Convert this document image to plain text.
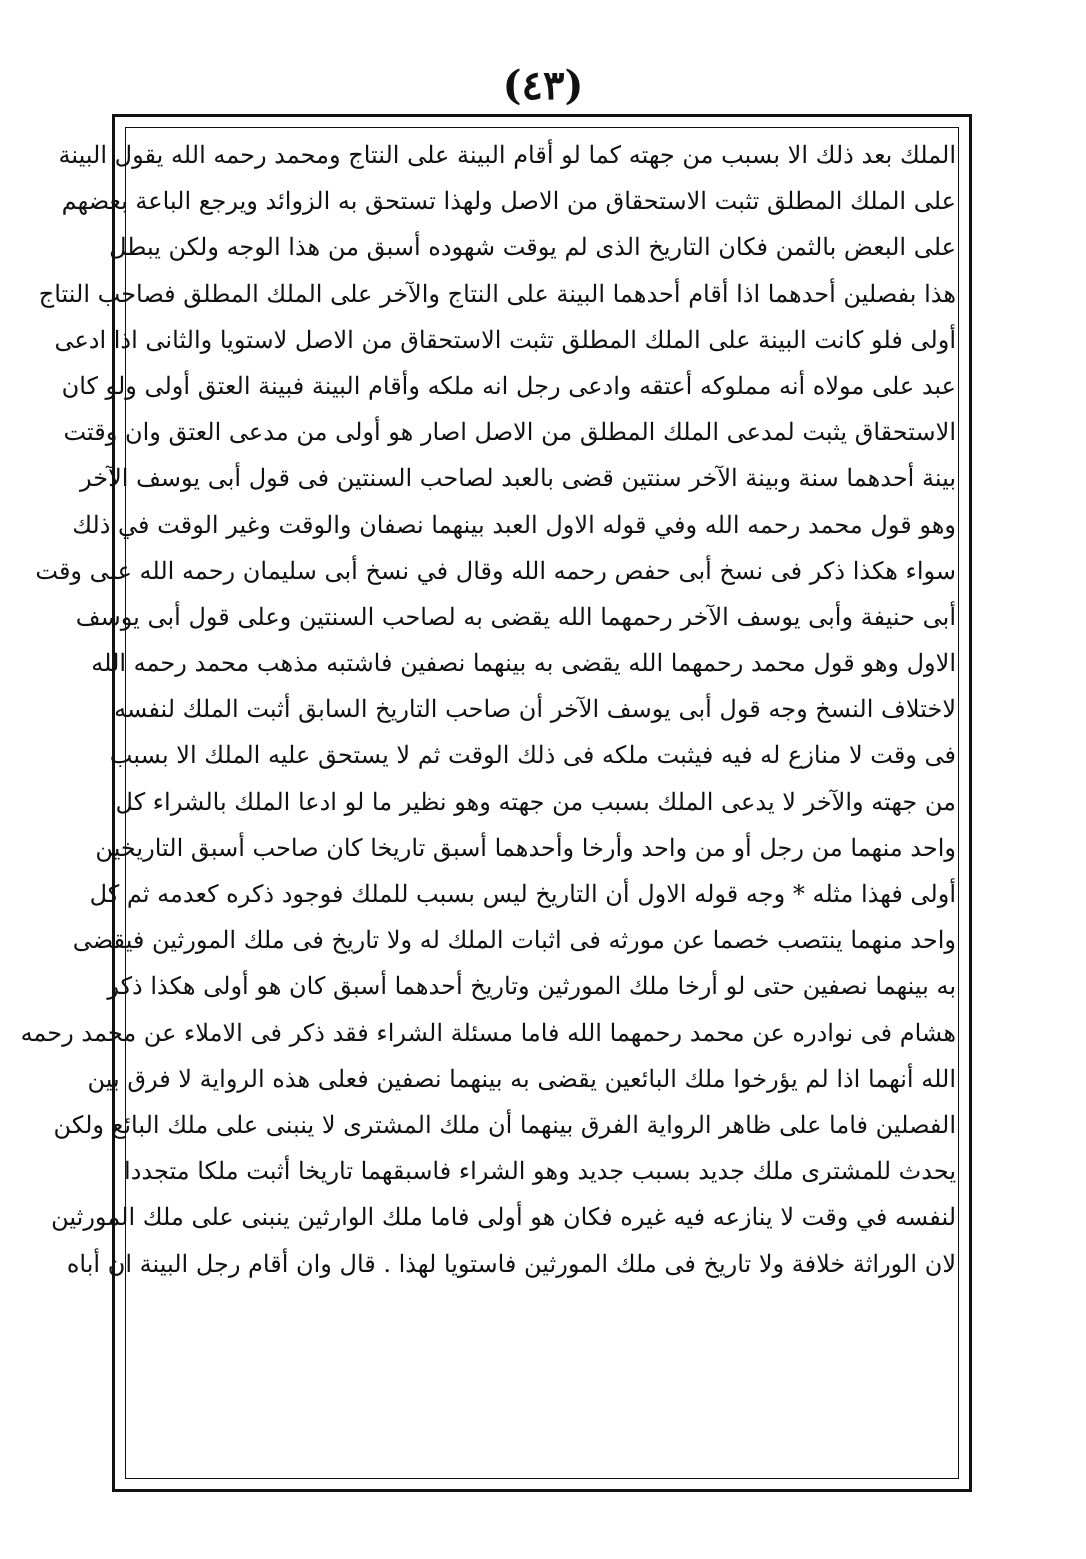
(٤٣)
الملك بعد ذلك الا بسبب من جهته كما لو أقام البينة على النتاج ومحمد رحمه الله يقول البينة
على الملك المطلق تثبت الاستحقاق من الاصل ولهذا تستحق به الزوائد ويرجع الباعة بعضهم
على البعض بالثمن فكان التاريخ الذى لم يوقت شهوده أسبق من هذا الوجه ولكن يبطل
هذا بفصلين أحدهما اذا أقام أحدهما البينة على النتاج والآخر على الملك المطلق فصاحب النتاج
أولى فلو كانت البينة على الملك المطلق تثبت الاستحقاق من الاصل لاستويا والثانى اذا ادعى
عبد على مولاه أنه مملوكه أعتقه وادعى رجل انه ملكه وأقام البينة فبينة العتق أولى ولو كان
الاستحقاق يثبت لمدعى الملك المطلق من الاصل اصار هو أولى من مدعى العتق وان وقتت
بينة أحدهما سنة وبينة الآخر سنتين قضى بالعبد لصاحب السنتين فى قول أبى يوسف الآخر
وهو قول محمد رحمه الله وفي قوله الاول العبد بينهما نصفان والوقت وغير الوقت في ذلك
سواء هكذا ذكر فى نسخ أبى حفص رحمه الله وقال في نسخ أبى سليمان رحمه الله على وقت
أبى حنيفة وأبى يوسف الآخر رحمهما الله يقضى به لصاحب السنتين وعلى قول أبى يوسف
الاول وهو قول محمد رحمهما الله يقضى به بينهما نصفين فاشتبه مذهب محمد رحمه الله
لاختلاف النسخ وجه قول أبى يوسف الآخر أن صاحب التاريخ السابق أثبت الملك لنفسه
فى وقت لا منازع له فيه فيثبت ملكه فى ذلك الوقت ثم لا يستحق عليه الملك الا بسبب
من جهته والآخر لا يدعى الملك بسبب من جهته وهو نظير ما لو ادعا الملك بالشراء كل
واحد منهما من رجل أو من واحد وأرخا وأحدهما أسبق تاريخا كان صاحب أسبق التاريخين
أولى فهذا مثله * وجه قوله الاول أن التاريخ ليس بسبب للملك فوجود ذكره كعدمه ثم كل
واحد منهما ينتصب خصما عن مورثه فى اثبات الملك له ولا تاريخ فى ملك المورثين فيقضى
به بينهما نصفين حتى لو أرخا ملك المورثين وتاريخ أحدهما أسبق كان هو أولى هكذا ذكر
هشام فى نوادره عن محمد رحمهما الله فاما مسئلة الشراء فقد ذكر فى الاملاء عن محمد رحمه
الله أنهما اذا لم يؤرخوا ملك البائعين يقضى به بينهما نصفين فعلى هذه الرواية لا فرق بين
الفصلين فاما على ظاهر الرواية الفرق بينهما أن ملك المشترى لا ينبنى على ملك البائع ولكن
يحدث للمشترى ملك جديد بسبب جديد وهو الشراء فاسبقهما تاريخا أثبت ملكا متجددا
لنفسه في وقت لا ينازعه فيه غيره فكان هو أولى فاما ملك الوارثين ينبنى على ملك المورثين
لان الوراثة خلافة ولا تاريخ فى ملك المورثين فاستويا لهذا . قال وان أقام رجل البينة ان أباه
